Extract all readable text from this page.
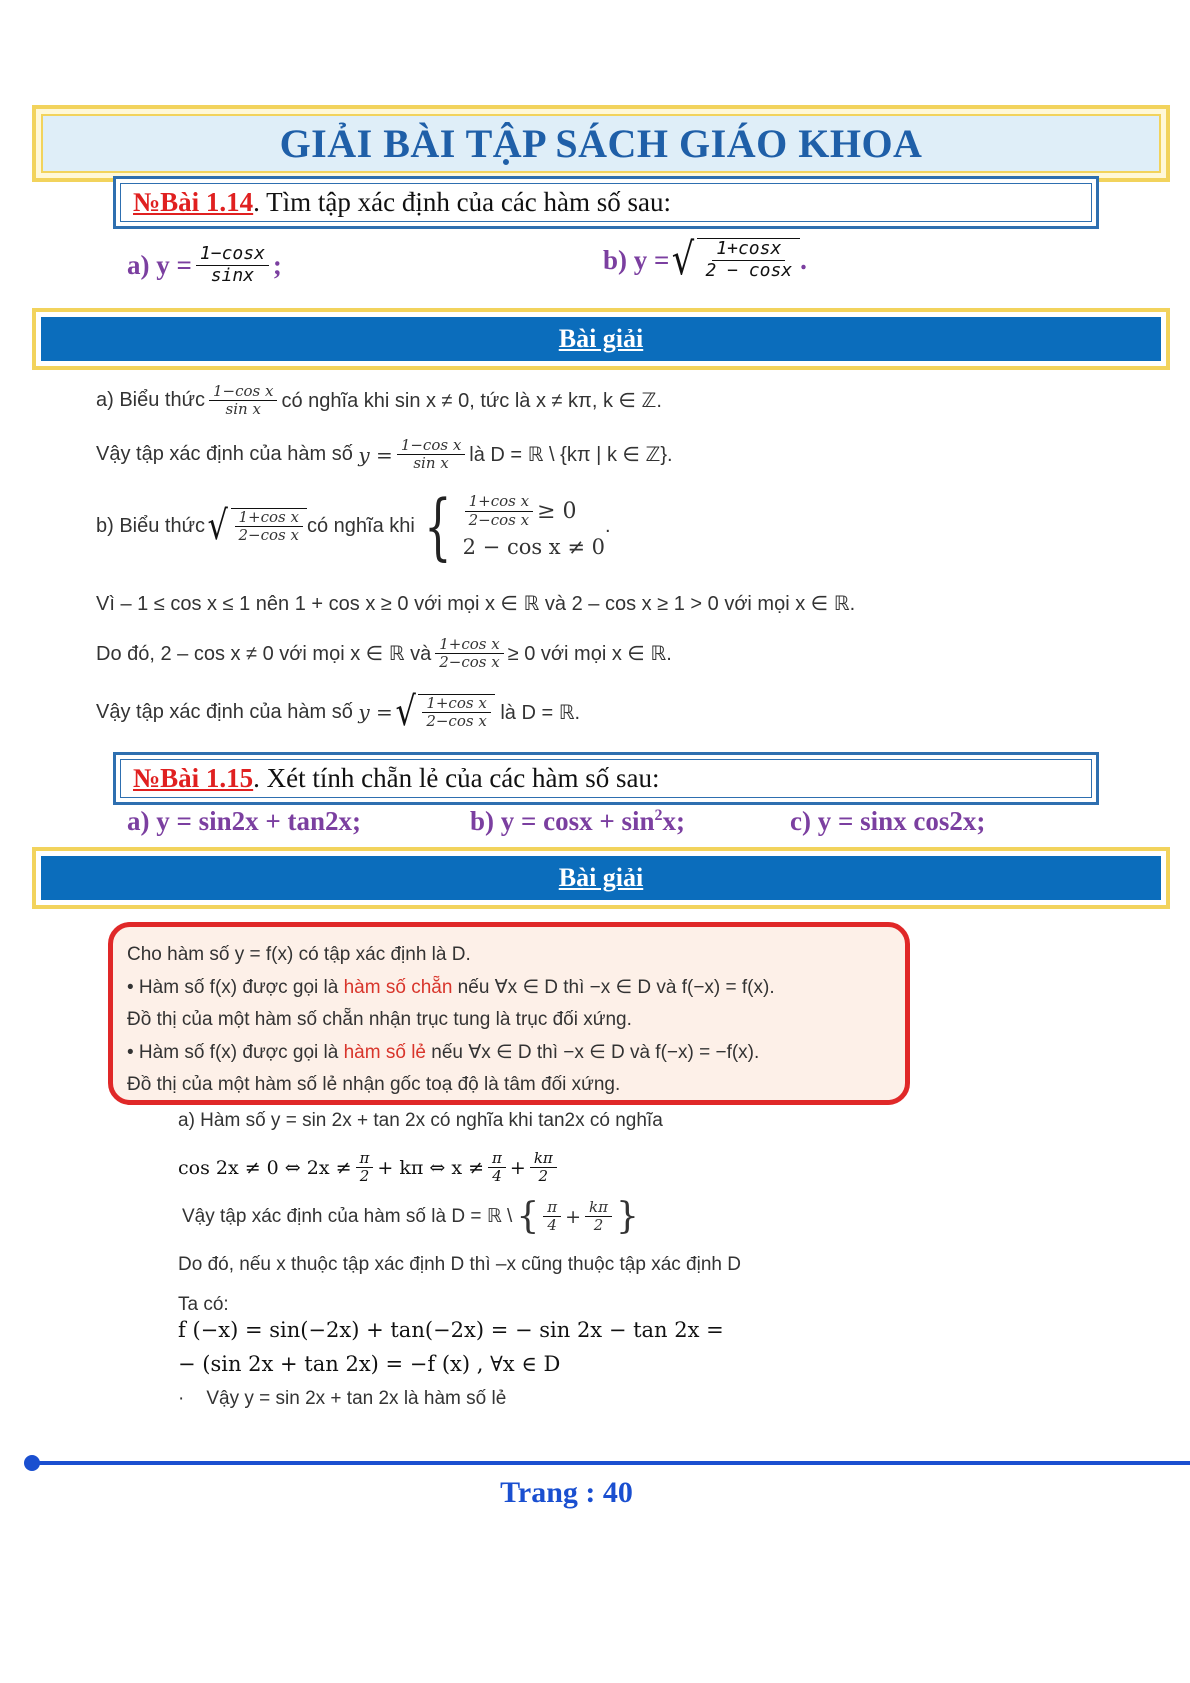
GIẢI BÀI TẬP SÁCH GIÁO KHOA
№Bài 1.14 . Tìm tập xác định của các hàm số sau:
a) $y = \frac{1-\cos x}{\sin x}$ ;	b) y = √ $\frac{1+\cos x}{2 - \cos x}$ .
Bài giải
a) Biểu thức $\frac{\text{1−cos x}}{\text{sin x}}$ có nghĩa khi sin x ≠ 0, tức là x ≠ kπ, k ∈ ℤ.
Vậy tập xác định của hàm số
$y = \frac{\text{1−cos x}}{\text{sin x}}$ là D = ℝ \ {kπ | k ∈ ℤ}.
b) Biểu thức √ $\frac{\text{1+cos x}}{\text{2−cos x}}$ có nghĩa khi { $\frac{\text{1+cos x}}{\text{2−cos x}} \ge 0$
2 − cos x ≠ 0
.
Vì – 1 ≤ cos x ≤ 1 nên 1 + cos x ≥ 0 với mọi x ∈ ℝ và 2 – cos x ≥ 1 > 0 với mọi x ∈ ℝ.
Do đó, 2 – cos x ≠ 0 với mọi x ∈ ℝ và $\frac{\text{1+cos x}}{\text{2−cos x}} \ge 0$ với mọi x ∈ ℝ.
Vậy tập xác định của hàm số
y = √ $\frac{\text{1+cos x}}{\text{2−cos x}}$
là D = ℝ.
№Bài 1.15 . Xét tính chẵn lẻ của các hàm số sau:
a) y = sin2x + tan2x;	b) $y = \cos x + \sin^2x$;	c) y = sinx cos2x;
Bài giải
Cho hàm số y = f(x) có tập xác định là D.
• Hàm số f(x) được gọi là hàm số chẵn nếu ∀x ∈ D thì −x ∈ D và f(−x) = f(x).
Đồ thị của một hàm số chẵn nhận trục tung là trục đối xứng.
• Hàm số f(x) được gọi là hàm số lẻ nếu ∀x ∈ D thì −x ∈ D và f(−x) = −f(x).
Đồ thị của một hàm số lẻ nhận gốc toạ độ là tâm đối xứng.
a) Hàm số y = sin 2x + tan 2x có nghĩa khi tan2x có nghĩa
cos 2x ≠ 0 ⇔ $2x \ne \frac{\pi}{2} + k\pi$ ⇔ $x \ne \frac{\pi}{4} + \frac{k\pi}{2}$
Vậy tập xác định của hàm số là D = ℝ \ { $\frac{\pi}{4} + \frac{k\pi}{2}$ }
Do đó, nếu x thuộc tập xác định D thì –x cũng thuộc tập xác định D
Ta có:
f (−x) = sin(−2x) + tan(−2x) = − sin 2x − tan 2x =
− (sin 2x + tan 2x) = −f (x) , ∀x ∈ D
· Vậy y = sin 2x + tan 2x là hàm số lẻ
Trang : 40
